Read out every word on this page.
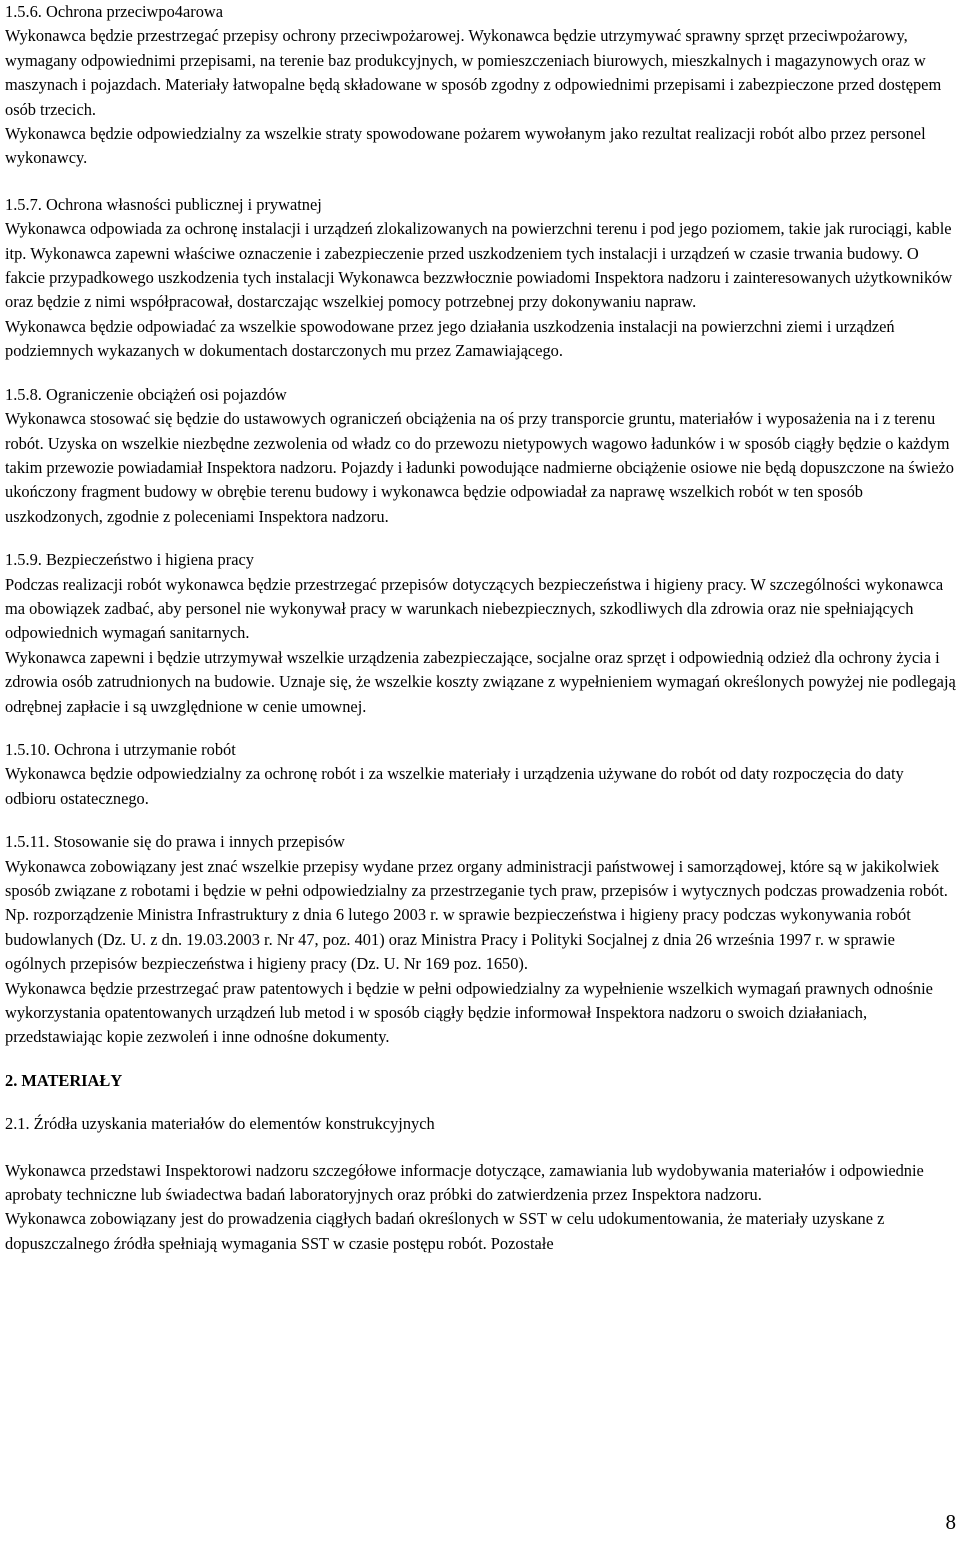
1.5.6. Ochrona przeciwpo4arowa

Wykonawca będzie przestrzegać przepisy ochrony przeciwpożarowej. Wykonawca będzie utrzymywać sprawny sprzęt przeciwpożarowy, wymagany odpowiednimi przepisami, na terenie baz produkcyjnych, w pomieszczeniach biurowych, mieszkalnych i magazynowych oraz w maszynach i pojazdach. Materiały łatwopalne będą składowane w sposób zgodny z odpowiednimi przepisami i zabezpieczone przed dostępem osób trzecich.

Wykonawca będzie odpowiedzialny za wszelkie straty spowodowane pożarem wywołanym jako rezultat realizacji robót albo przez personel wykonawcy.

1.5.7. Ochrona własności publicznej i prywatnej

Wykonawca odpowiada za ochronę instalacji i urządzeń zlokalizowanych na powierzchni terenu i pod jego poziomem, takie jak rurociągi, kable itp. Wykonawca zapewni właściwe oznaczenie i zabezpieczenie przed uszkodzeniem tych instalacji i urządzeń w czasie trwania budowy. O fakcie przypadkowego uszkodzenia tych instalacji Wykonawca bezzwłocznie powiadomi Inspektora nadzoru i zainteresowanych użytkowników oraz będzie z nimi współpracował, dostarczając wszelkiej pomocy potrzebnej przy dokonywaniu napraw.

Wykonawca będzie odpowiadać za wszelkie spowodowane przez jego działania uszkodzenia instalacji na powierzchni ziemi i urządzeń podziemnych wykazanych w dokumentach dostarczonych mu przez Zamawiającego.

1.5.8. Ograniczenie obciążeń osi pojazdów

Wykonawca stosować się będzie do ustawowych ograniczeń obciążenia na oś przy transporcie gruntu, materiałów i wyposażenia na i z terenu robót. Uzyska on wszelkie niezbędne zezwolenia od władz co do przewozu nietypowych wagowo ładunków i w sposób ciągły będzie o każdym takim przewozie powiadamiał Inspektora nadzoru. Pojazdy i ładunki powodujące nadmierne obciążenie osiowe nie będą dopuszczone na świeżo ukończony fragment budowy w obrębie terenu budowy i wykonawca będzie odpowiadał za naprawę wszelkich robót w ten sposób uszkodzonych, zgodnie z poleceniami Inspektora nadzoru.

1.5.9. Bezpieczeństwo i higiena pracy

Podczas realizacji robót wykonawca będzie przestrzegać przepisów dotyczących bezpieczeństwa i higieny pracy. W szczególności wykonawca ma obowiązek zadbać, aby personel nie wykonywał pracy w warunkach niebezpiecznych, szkodliwych dla zdrowia oraz nie spełniających odpowiednich wymagań sanitarnych.

Wykonawca zapewni i będzie utrzymywał wszelkie urządzenia zabezpieczające, socjalne oraz sprzęt i odpowiednią odzież dla ochrony życia i zdrowia osób zatrudnionych na budowie. Uznaje się, że wszelkie koszty związane z wypełnieniem wymagań określonych powyżej nie podlegają odrębnej zapłacie i są uwzględnione w cenie umownej.

1.5.10. Ochrona i utrzymanie robót

Wykonawca będzie odpowiedzialny za ochronę robót i za wszelkie materiały i urządzenia używane do robót od daty rozpoczęcia do daty odbioru ostatecznego.

1.5.11. Stosowanie się do prawa i innych przepisów

Wykonawca zobowiązany jest znać wszelkie przepisy wydane przez organy administracji państwowej i samorządowej, które są w jakikolwiek sposób związane z robotami i będzie w pełni odpowiedzialny za przestrzeganie tych praw, przepisów i wytycznych podczas prowadzenia robót. Np. rozporządzenie Ministra Infrastruktury z dnia 6 lutego 2003 r. w sprawie bezpieczeństwa i higieny pracy podczas wykonywania robót budowlanych (Dz. U. z dn. 19.03.2003 r. Nr 47, poz. 401) oraz Ministra Pracy i Polityki Socjalnej z dnia 26 września 1997 r. w sprawie ogólnych przepisów bezpieczeństwa i higieny pracy (Dz. U. Nr 169 poz. 1650).

Wykonawca będzie przestrzegać praw patentowych i będzie w pełni odpowiedzialny za wypełnienie wszelkich wymagań prawnych odnośnie wykorzystania opatentowanych urządzeń lub metod i w sposób ciągły będzie informował Inspektora nadzoru o swoich działaniach, przedstawiając kopie zezwoleń i inne odnośne dokumenty.

2. MATERIAŁY
2.1. Źródła uzyskania materiałów do elementów konstrukcyjnych

Wykonawca przedstawi Inspektorowi nadzoru szczegółowe informacje dotyczące, zamawiania lub wydobywania materiałów i odpowiednie aprobaty techniczne lub świadectwa badań laboratoryjnych oraz próbki do zatwierdzenia przez Inspektora nadzoru.

Wykonawca zobowiązany jest do prowadzenia ciągłych badań określonych w SST w celu udokumentowania, że materiały uzyskane z dopuszczalnego źródła spełniają wymagania SST w czasie postępu robót. Pozostałe

8
